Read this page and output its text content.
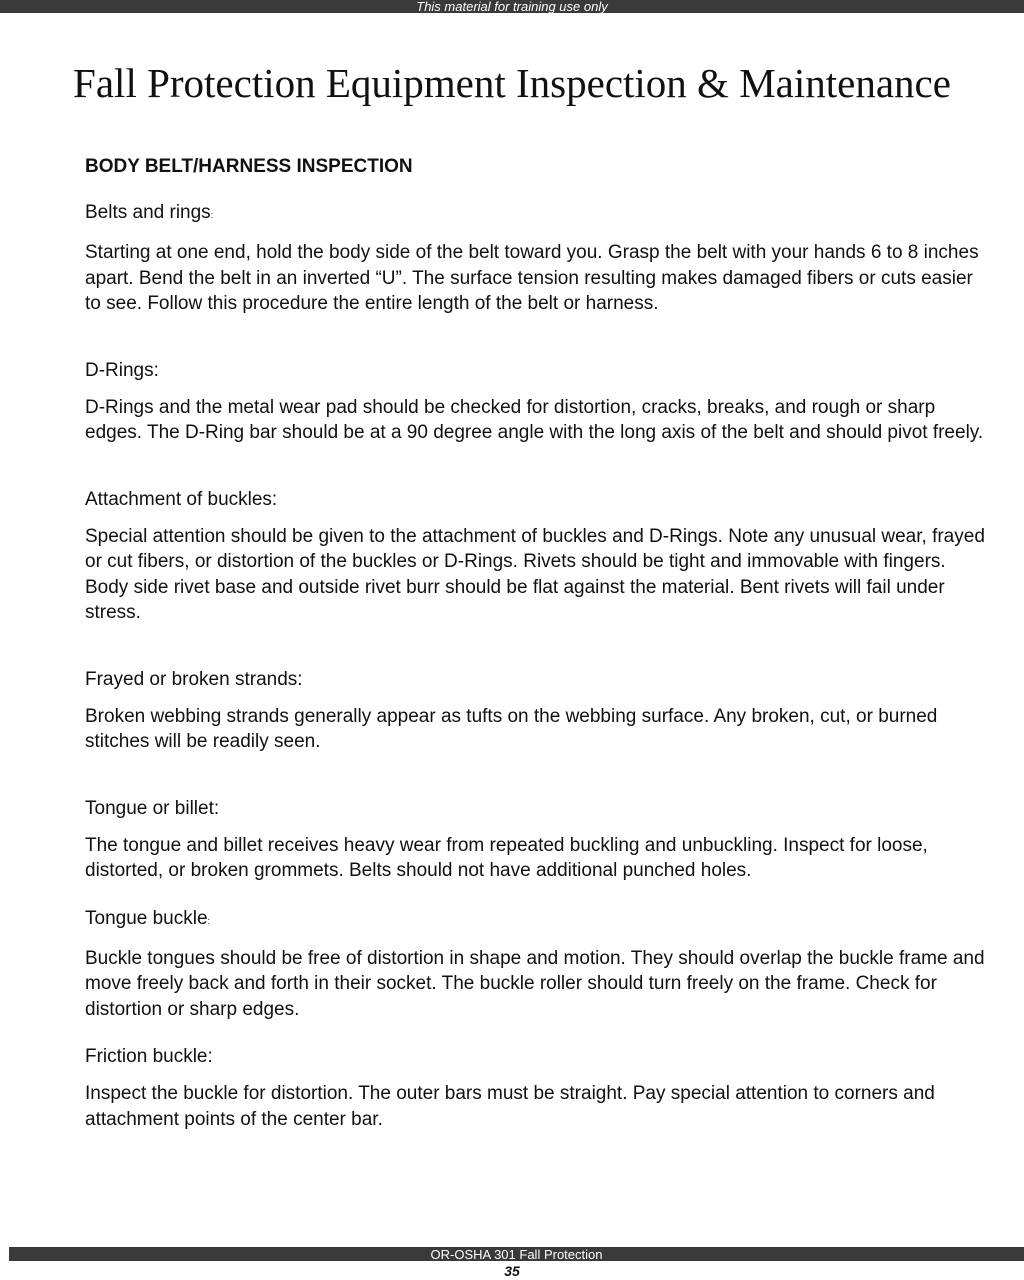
This material for training use only
Fall Protection Equipment Inspection & Maintenance
BODY BELT/HARNESS INSPECTION

Belts and rings:

Starting at one end, hold the body side of the belt toward you. Grasp the belt with your hands 6 to 8 inches apart. Bend the belt in an inverted “U”. The surface tension resulting makes damaged fibers or cuts easier to see. Follow this procedure the entire length of the belt or harness.

D-Rings:

D-Rings and the metal wear pad should be checked for distortion, cracks, breaks, and rough or sharp edges. The D-Ring bar should be at a 90 degree angle with the long axis of the belt and should pivot freely.

Attachment of buckles:

Special attention should be given to the attachment of buckles and D-Rings. Note any unusual wear, frayed or cut fibers, or distortion of the buckles or D-Rings. Rivets should be tight and immovable with fingers. Body side rivet base and outside rivet burr should be flat against the material. Bent rivets will fail under stress.

Frayed or broken strands:

Broken webbing strands generally appear as tufts on the webbing surface. Any broken, cut, or burned stitches will be readily seen.

Tongue or billet:

The tongue and billet receives heavy wear from repeated buckling and unbuckling. Inspect for loose, distorted, or broken grommets. Belts should not have additional punched holes.

Tongue buckle:

Buckle tongues should be free of distortion in shape and motion. They should overlap the buckle frame and move freely back and forth in their socket. The buckle roller should turn freely on the frame. Check for distortion or sharp edges.

Friction buckle:

Inspect the buckle for distortion. The outer bars must be straight. Pay special attention to corners and attachment points of the center bar.

OR-OSHA 301 Fall Protection
35
